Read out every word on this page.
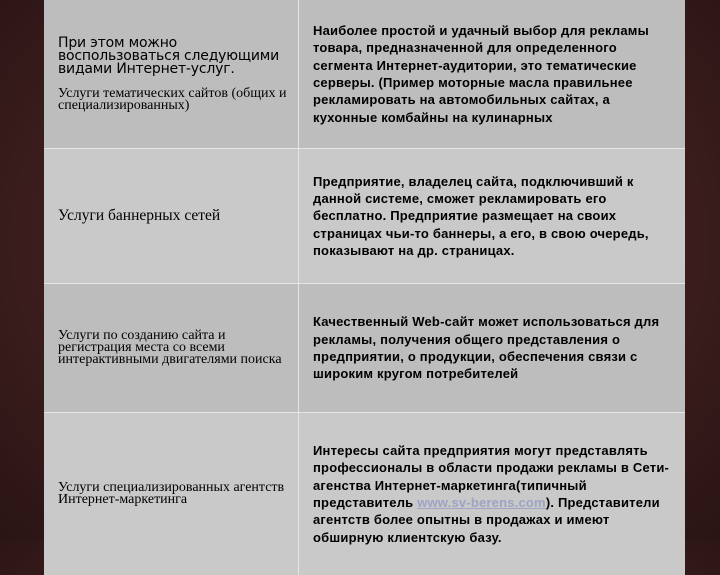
При этом можно воспользоваться следующими видами Интернет-услуг.
Услуги тематических сайтов (общих и специализированных)	Наиболее простой и удачный выбор для рекламы товара, предназначенной для определенного сегмента Интернет-аудитории, это тематические серверы. (Пример моторные масла правильнее рекламировать на автомобильных сайтах, а кухонные комбайны на кулинарных

Услуги баннерных сетей	Предприятие, владелец сайта, подключивший к данной системе, сможет рекламировать его бесплатно. Предприятие размещает на своих страницах чьи-то баннеры, а его, в свою очередь, показывают на др. страницах.

Услуги по созданию сайта и регистрация места со всеми интерактивными двигателями поиска	Качественный Web-сайт может использоваться для рекламы, получения общего представления о предприятии, о продукции, обеспечения связи с широким кругом потребителей

Услуги специализированных агентств Интернет-маркетинга	Интересы сайта предприятия могут представлять профессионалы в области продажи рекламы в Сети-агенства Интернет-маркетинга(типичный представитель www.sv-berens.com). Представители агентств более опытны в продажах и имеют обширную клиентскую базу.
